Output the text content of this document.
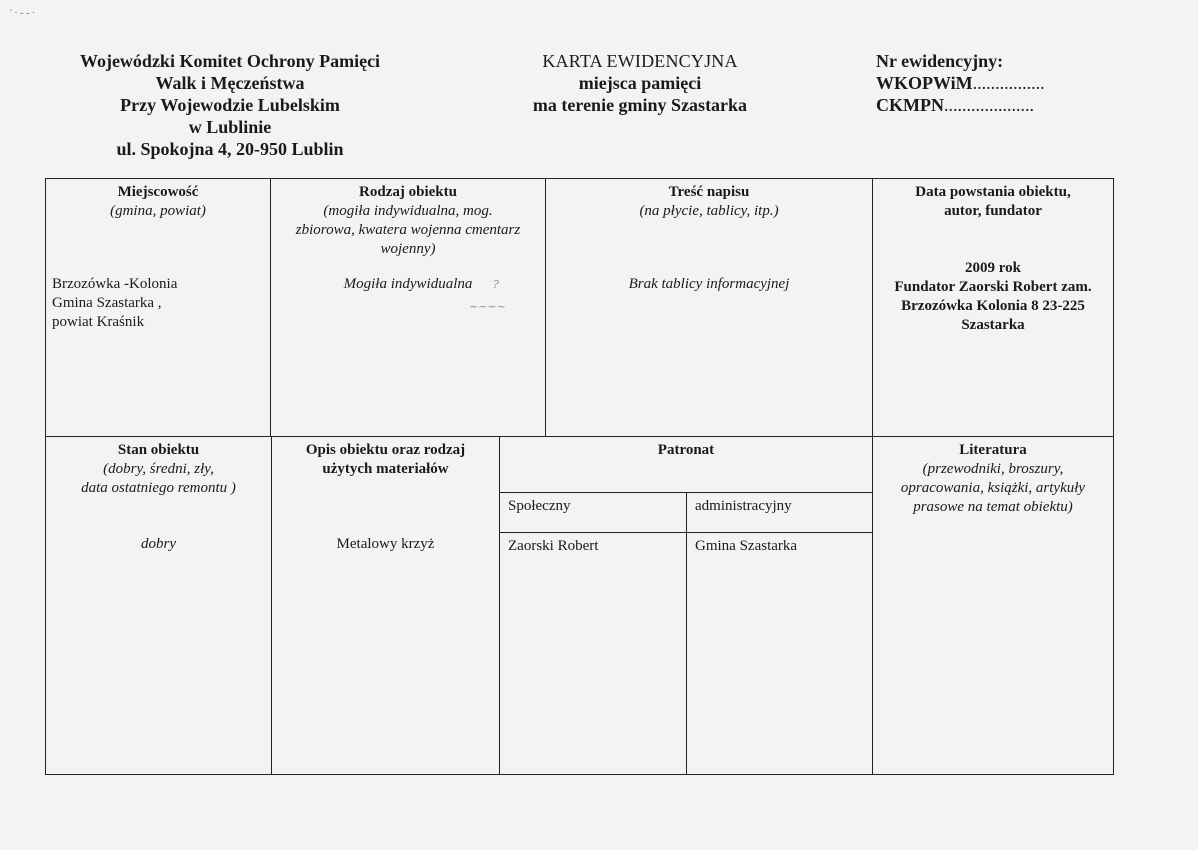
' · - - ·
Wojewódzki Komitet Ochrony Pamięci
Walk i Męczeństwa
Przy Wojewodzie Lubelskim
w Lublinie
ul. Spokojna 4, 20-950 Lublin
KARTA EWIDENCYJNA
miejsca pamięci
ma terenie gminy Szastarka
Nr ewidencyjny:
WKOPWiM................
CKMPN....................
Miejscowość
(gmina, powiat)
Brzozówka -Kolonia
Gmina Szastarka ,
powiat Kraśnik
Rodzaj obiektu
(mogiła indywidualna, mog.
zbiorowa, kwatera wojenna cmentarz
wojenny)
Mogiła indywidualna	?
~~~~
Treść napisu
(na płycie, tablicy, itp.)
Brak tablicy informacyjnej
Data powstania obiektu,
autor, fundator
2009 rok
Fundator Zaorski Robert zam.
Brzozówka Kolonia 8 23-225
Szastarka
Stan obiektu
(dobry, średni, zły,
data ostatniego remontu )
dobry
Opis obiektu oraz rodzaj
użytych materiałów
Metalowy krzyż
Patronat
Społeczny	administracyjny
Zaorski Robert	Gmina Szastarka
Literatura
(przewodniki, broszury,
opracowania, książki, artykuły
prasowe na temat obiektu)
